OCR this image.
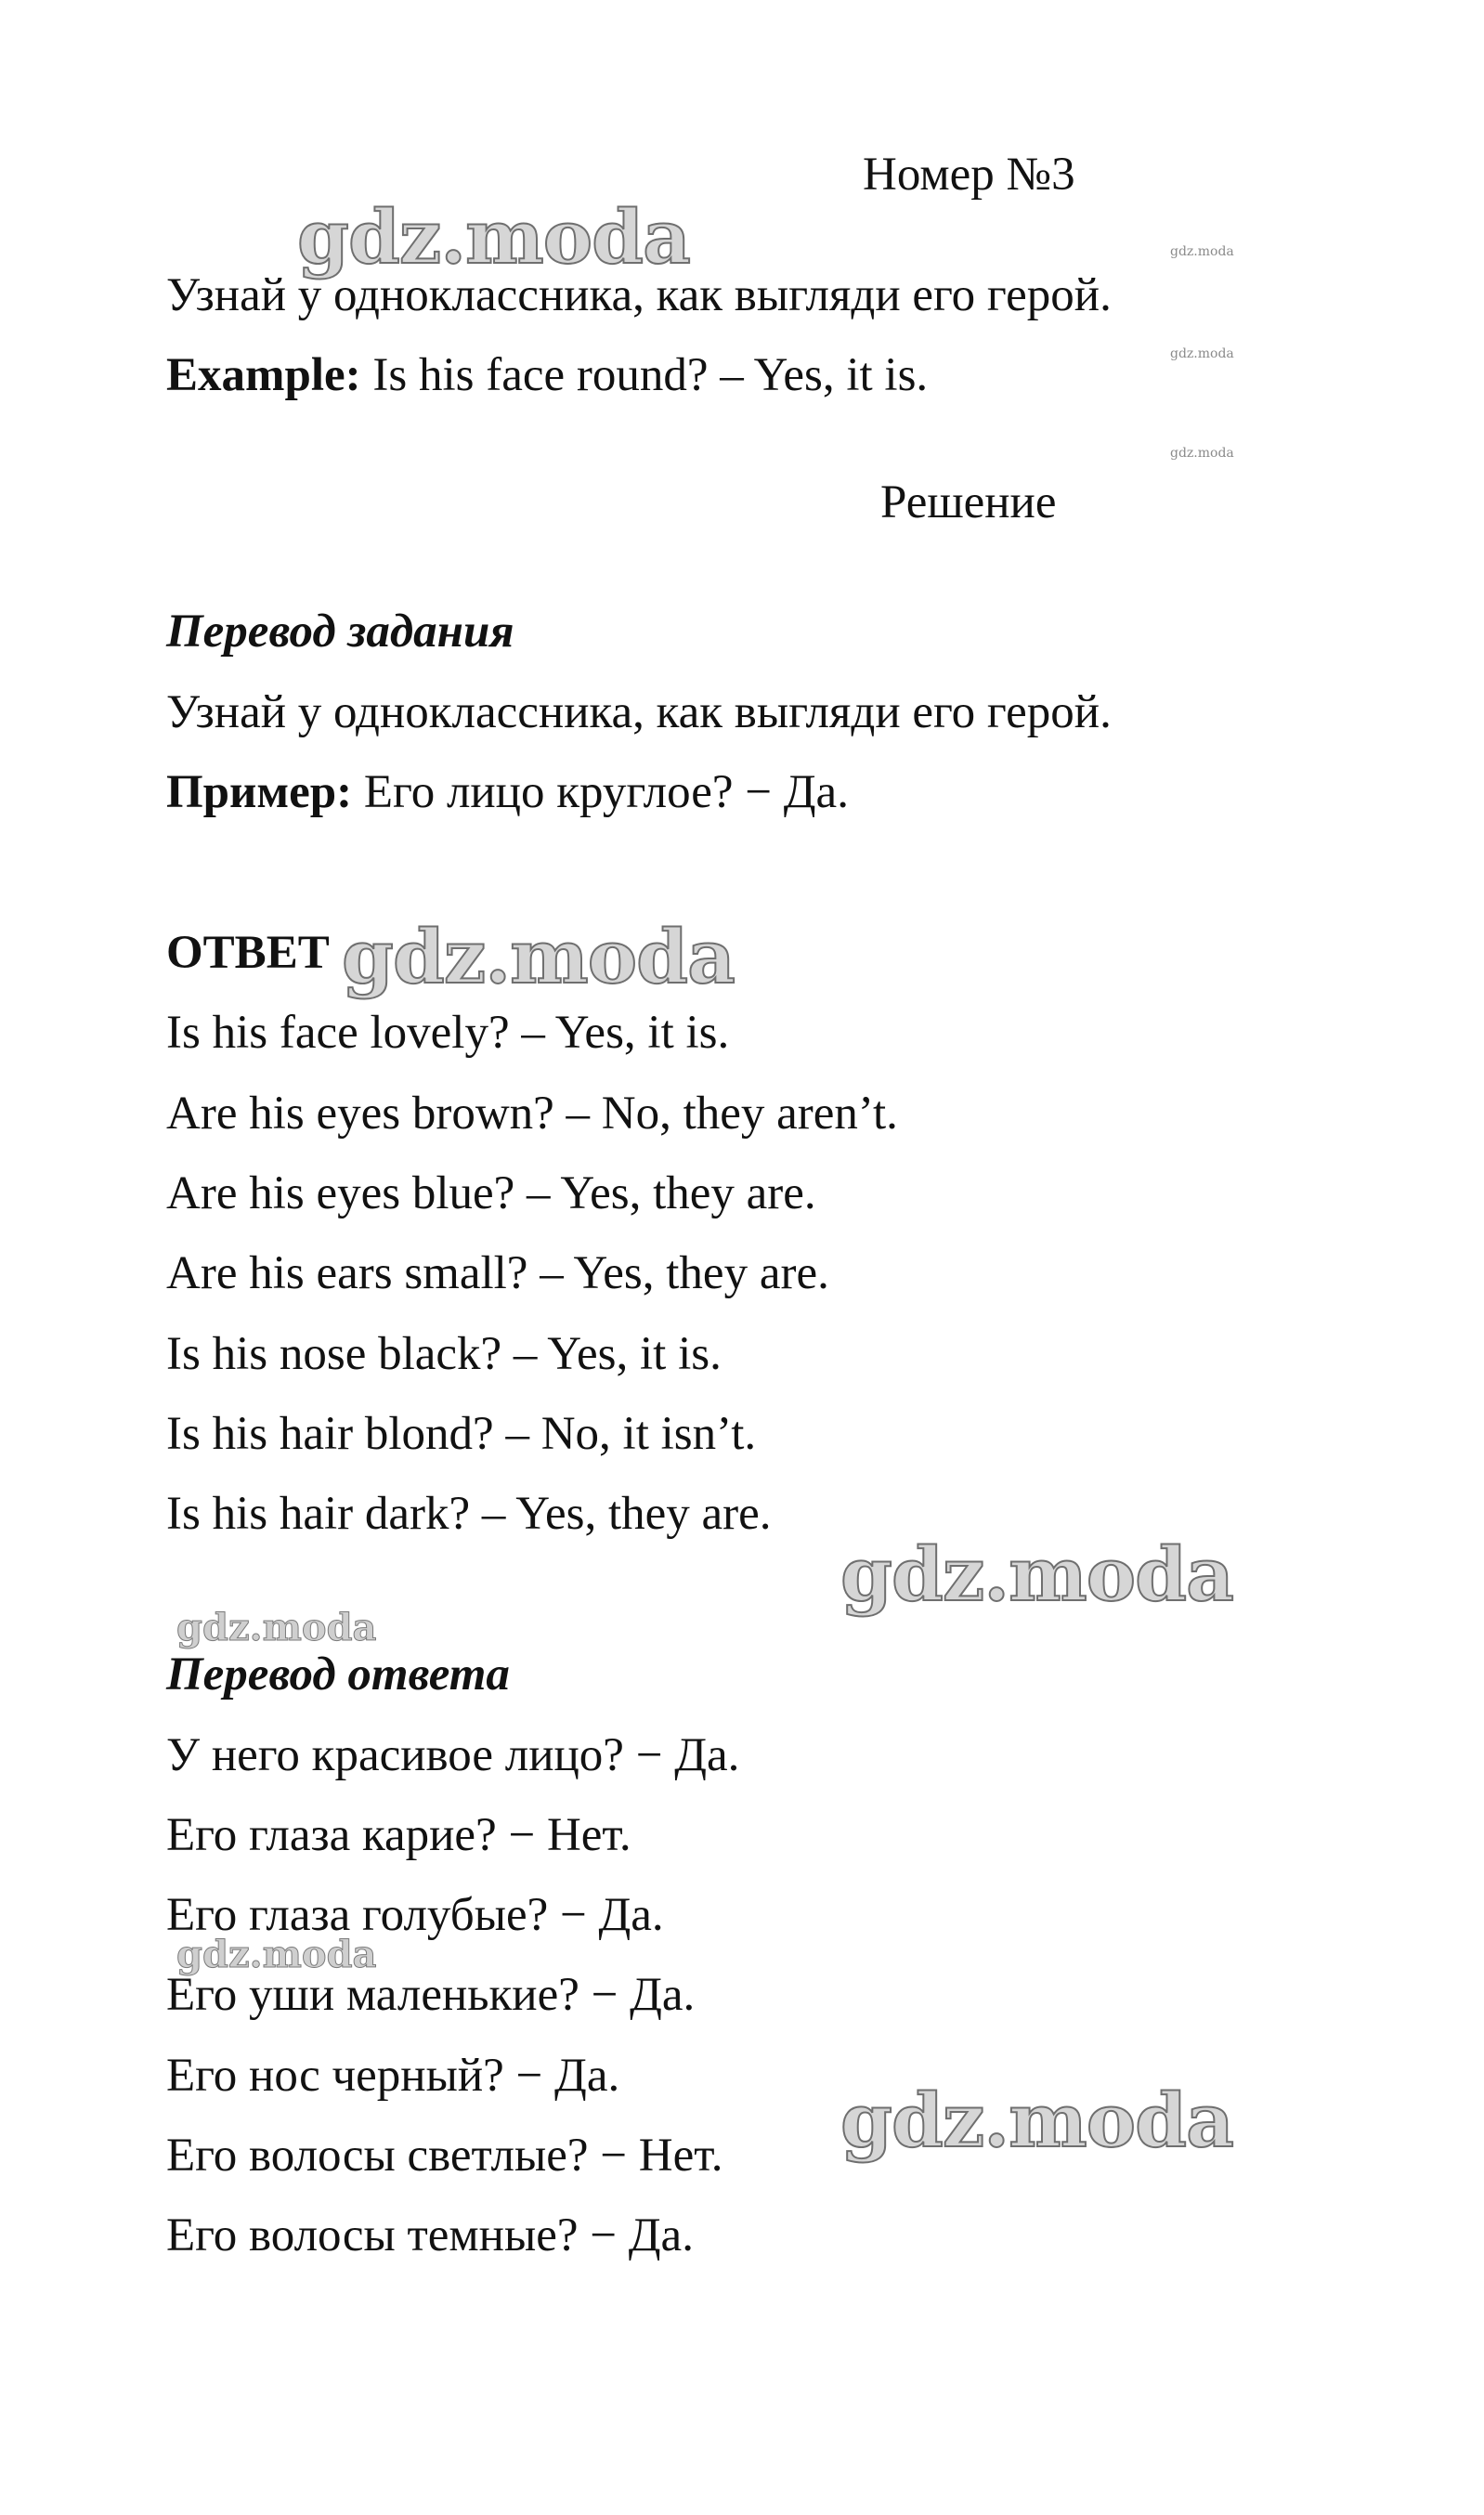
Номер №3
gdz.moda	gdz.moda
gdz.moda
gdz.moda
Узнай у одноклассника, как выгляди его герой.
Example: Is his face round? – Yes, it is.
Решение
Перевод задания
Узнай у одноклассника, как выгляди его герой.
Пример: Его лицо круглое? − Да.
ОТВЕТ gdz.moda
Is his face lovely? – Yes, it is.
Are his eyes brown? – No, they aren’t.
Are his eyes blue? – Yes, they are.
Are his ears small? – Yes, they are.
Is his nose black? – Yes, it is.
Is his hair blond? – No, it isn’t.
Is his hair dark? – Yes, they are.
gdz.moda
gdz.moda
Перевод ответа
У него красивое лицо? − Да.
Его глаза карие? − Нет.
Его глаза голубые? − Да.
gdz.moda
Его уши маленькие? − Да.
Его нос черный? − Да.
Его волосы светлые? − Нет. gdz.moda
Его волосы темные? − Да.
